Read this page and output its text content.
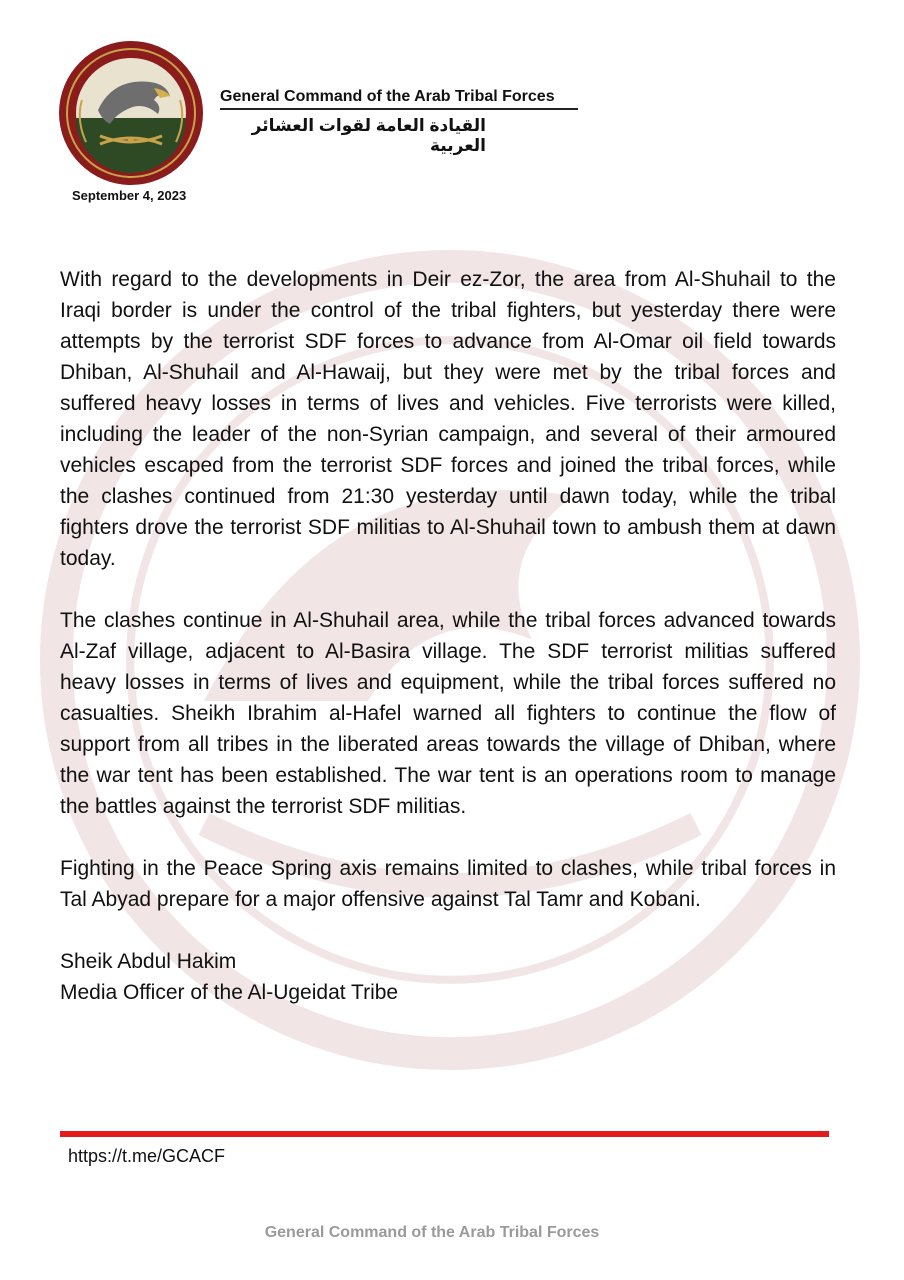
September 4, 2023
General Command of the Arab Tribal Forces
القيادة العامة لقوات العشائر العربية

With regard to the developments in Deir ez-Zor, the area from Al-Shuhail to the Iraqi border is under the control of the tribal fighters, but yesterday there were attempts by the terrorist SDF forces to advance from Al-Omar oil field towards Dhiban, Al-Shuhail and Al-Hawaij, but they were met by the tribal forces and suffered heavy losses in terms of lives and vehicles. Five terrorists were killed, including the leader of the non-Syrian campaign, and several of their armoured vehicles escaped from the terrorist SDF forces and joined the tribal forces, while the clashes continued from 21:30 yesterday until dawn today, while the tribal fighters drove the terrorist SDF militias to Al-Shuhail town to ambush them at dawn today.

The clashes continue in Al-Shuhail area, while the tribal forces advanced towards Al-Zaf village, adjacent to Al-Basira village. The SDF terrorist militias suffered heavy losses in terms of lives and equipment, while the tribal forces suffered no casualties. Sheikh Ibrahim al-Hafel warned all fighters to continue the flow of support from all tribes in the liberated areas towards the village of Dhiban, where the war tent has been established. The war tent is an operations room to manage the battles against the terrorist SDF militias.

Fighting in the Peace Spring axis remains limited to clashes, while tribal forces in Tal Abyad prepare for a major offensive against Tal Tamr and Kobani.

Sheik Abdul Hakim
Media Officer of the Al-Ugeidat Tribe
https://t.me/GCACF
General Command of the Arab Tribal Forces
